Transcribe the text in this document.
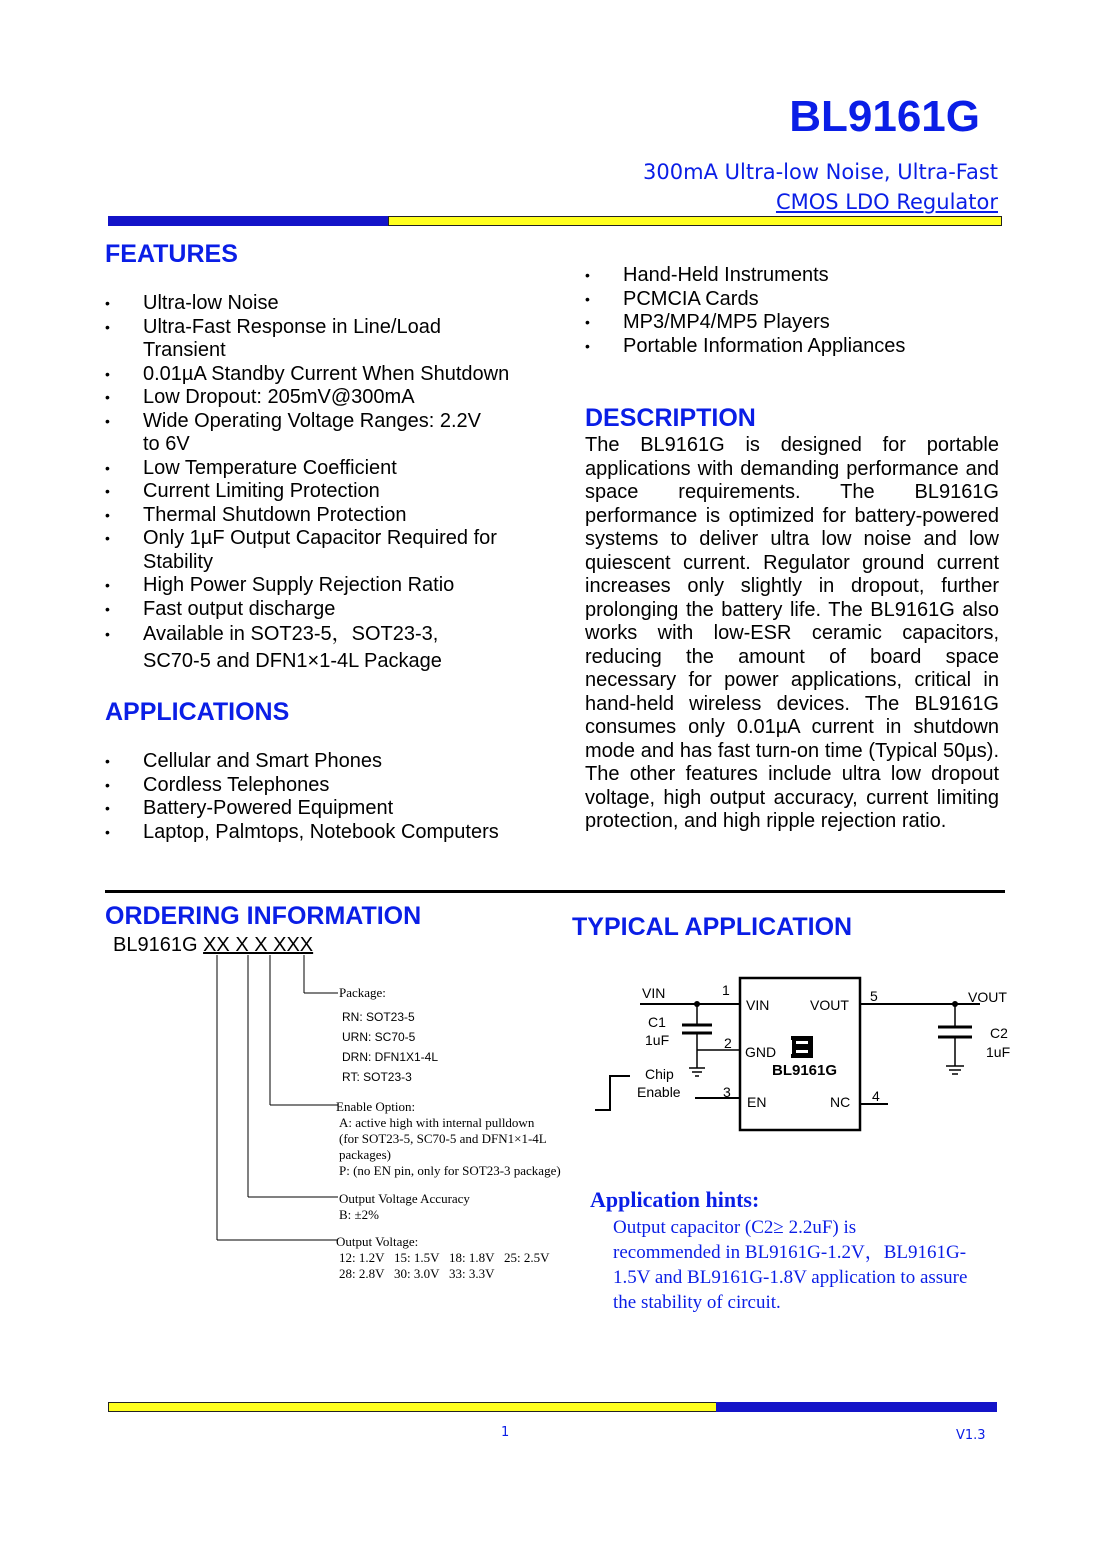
BL9161G
300mA Ultra-low Noise, Ultra-Fast
CMOS LDO Regulator
FEATURES
• Ultra-low Noise
• Ultra-Fast Response in Line/Load Transient
• 0.01µA Standby Current When Shutdown
• Low Dropout: 205mV@300mA
• Wide Operating Voltage Ranges: 2.2V to 6V
• Low Temperature Coefficient
• Current Limiting Protection
• Thermal Shutdown Protection
• Only 1µF Output Capacitor Required for Stability
• High Power Supply Rejection Ratio
• Fast output discharge
• Available in SOT23-5，SOT23-3, SC70-5 and DFN1×1-4L Package
APPLICATIONS
• Cellular and Smart Phones
• Cordless Telephones
• Battery-Powered Equipment
• Laptop, Palmtops, Notebook Computers
• Hand-Held Instruments
• PCMCIA Cards
• MP3/MP4/MP5 Players
• Portable Information Appliances
DESCRIPTION
The BL9161G is designed for portable applications with demanding performance and space requirements. The BL9161G performance is optimized for battery-powered systems to deliver ultra low noise and low quiescent current. Regulator ground current increases only slightly in dropout, further prolonging the battery life. The BL9161G also works with low-ESR ceramic capacitors, reducing the amount of board space necessary for power applications, critical in hand-held wireless devices. The BL9161G consumes only 0.01µA current in shutdown mode and has fast turn-on time (Typical 50µs). The other features include ultra low dropout voltage, high output accuracy, current limiting protection, and high ripple rejection ratio.
ORDERING INFORMATION
BL9161G XX X X XXX
Package:
RN: SOT23-5
URN: SC70-5
DRN: DFN1X1-4L
RT: SOT23-3
Enable Option:
A: active high with internal pulldown
(for SOT23-5, SC70-5 and DFN1×1-4L
packages)
P: (no EN pin, only for SOT23-3 package)
Output Voltage Accuracy
B: ±2%
Output Voltage:
12: 1.2V   15: 1.5V   18: 1.8V   25: 2.5V
28: 2.8V   30: 3.0V   33: 3.3V
TYPICAL APPLICATION
VIN	1
VIN	VOUT
5	VOUT
C1
1uF	2
GND
BL9161G
C2
1uF
Chip
Enable	3
EN	NC 4
Application hints:
Output capacitor (C2≥ 2.2uF) is
recommended in BL9161G-1.2V，BL9161G-
1.5V and BL9161G-1.8V application to assure
the stability of circuit.
1	V1.3
